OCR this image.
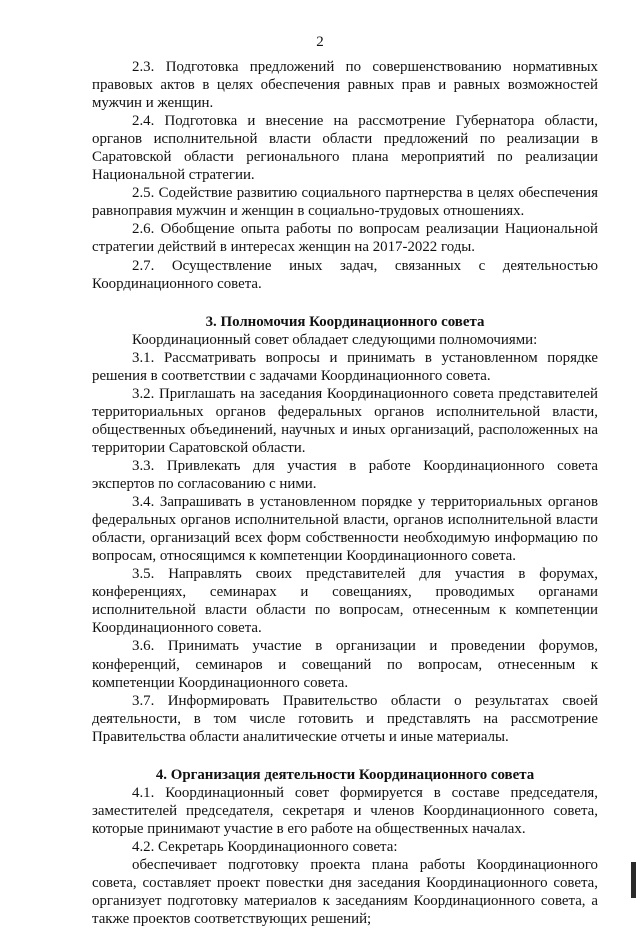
2

2.3. Подготовка предложений по совершенствованию нормативных правовых актов в целях обеспечения равных прав и равных возможностей мужчин и женщин.

2.4. Подготовка и внесение на рассмотрение Губернатора области, органов исполнительной власти области предложений по реализации в Саратовской области регионального плана мероприятий по реализации Национальной стратегии.

2.5. Содействие развитию социального партнерства в целях обеспечения равноправия мужчин и женщин в социально-трудовых отношениях.

2.6. Обобщение опыта работы по вопросам реализации Национальной стратегии действий в интересах женщин на 2017-2022 годы.

2.7. Осуществление иных задач, связанных с деятельностью Координационного совета.

3. Полномочия Координационного совета

Координационный совет обладает следующими полномочиями:

3.1. Рассматривать вопросы и принимать в установленном порядке решения в соответствии с задачами Координационного совета.

3.2. Приглашать на заседания Координационного совета представителей территориальных органов федеральных органов исполнительной власти, общественных объединений, научных и иных организаций, расположенных на территории Саратовской области.

3.3. Привлекать для участия в работе Координационного совета экспертов по согласованию с ними.

3.4. Запрашивать в установленном порядке у территориальных органов федеральных органов исполнительной власти, органов исполнительной власти области, организаций всех форм собственности необходимую информацию по вопросам, относящимся к компетенции Координационного совета.

3.5. Направлять своих представителей для участия в форумах, конференциях, семинарах и совещаниях, проводимых органами исполнительной власти области по вопросам, отнесенным к компетенции Координационного совета.

3.6. Принимать участие в организации и проведении форумов, конференций, семинаров и совещаний по вопросам, отнесенным к компетенции Координационного совета.

3.7. Информировать Правительство области о результатах своей деятельности, в том числе готовить и представлять на рассмотрение Правительства области аналитические отчеты и иные материалы.

4. Организация деятельности Координационного совета

4.1. Координационный совет формируется в составе председателя, заместителей председателя, секретаря и членов Координационного совета, которые принимают участие в его работе на общественных началах.

4.2. Секретарь Координационного совета:

обеспечивает подготовку проекта плана работы Координационного совета, составляет проект повестки дня заседания Координационного совета, организует подготовку материалов к заседаниям Координационного совета, а также проектов соответствующих решений;
